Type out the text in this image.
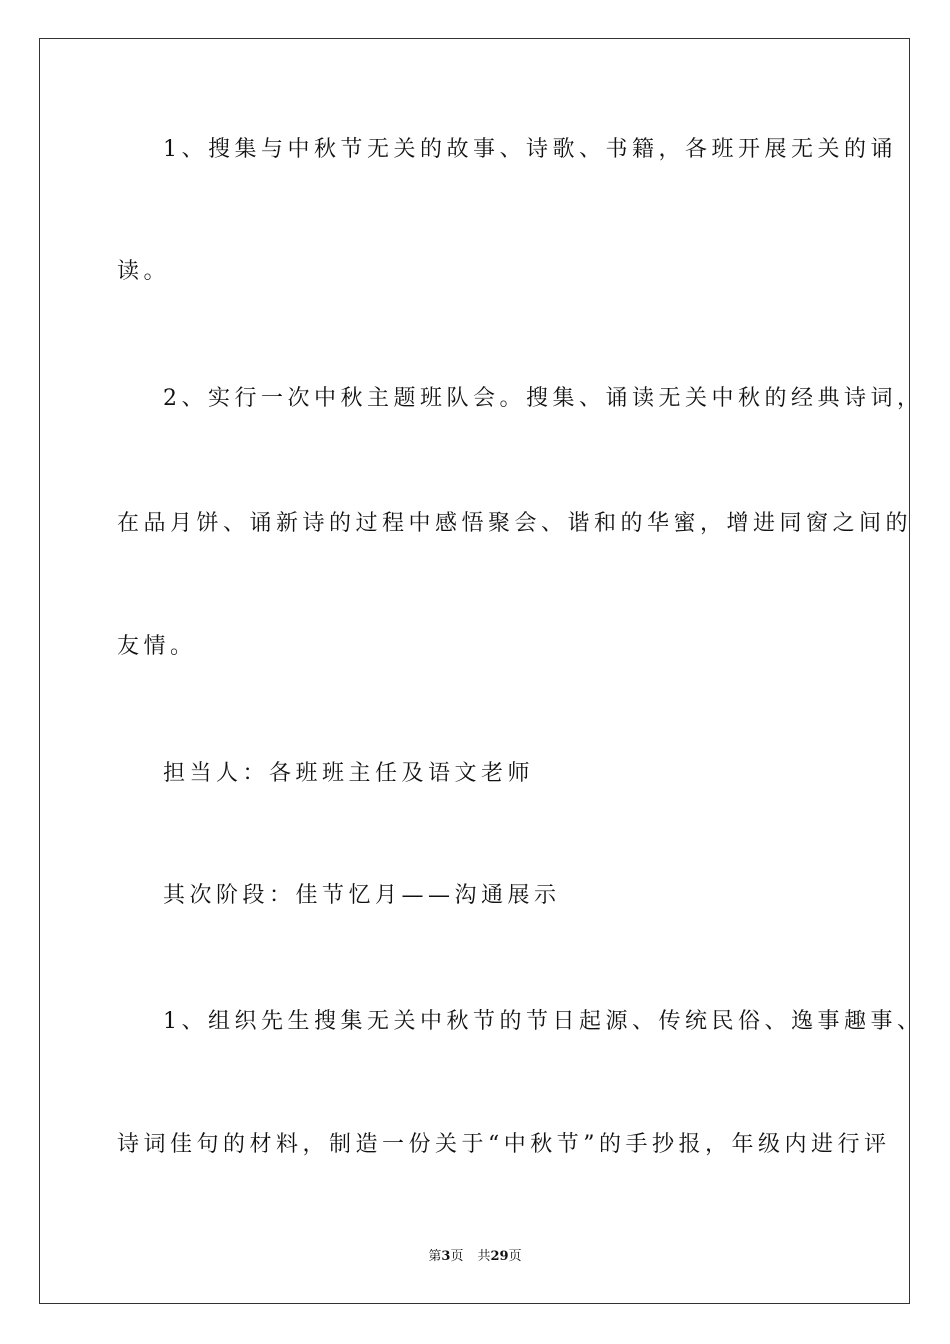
1、搜集与中秋节无关的故事、诗歌、书籍，各班开展无关的诵
读。
2、实行一次中秋主题班队会。搜集、诵读无关中秋的经典诗词，
在品月饼、诵新诗的过程中感悟聚会、谐和的华蜜，增进同窗之间的
友情。
担当人：各班班主任及语文老师
其次阶段：佳节忆月——沟通展示
1、组织先生搜集无关中秋节的节日起源、传统民俗、逸事趣事、
诗词佳句的材料，制造一份关于“中秋节”的手抄报，年级内进行评
第3页 共29页
